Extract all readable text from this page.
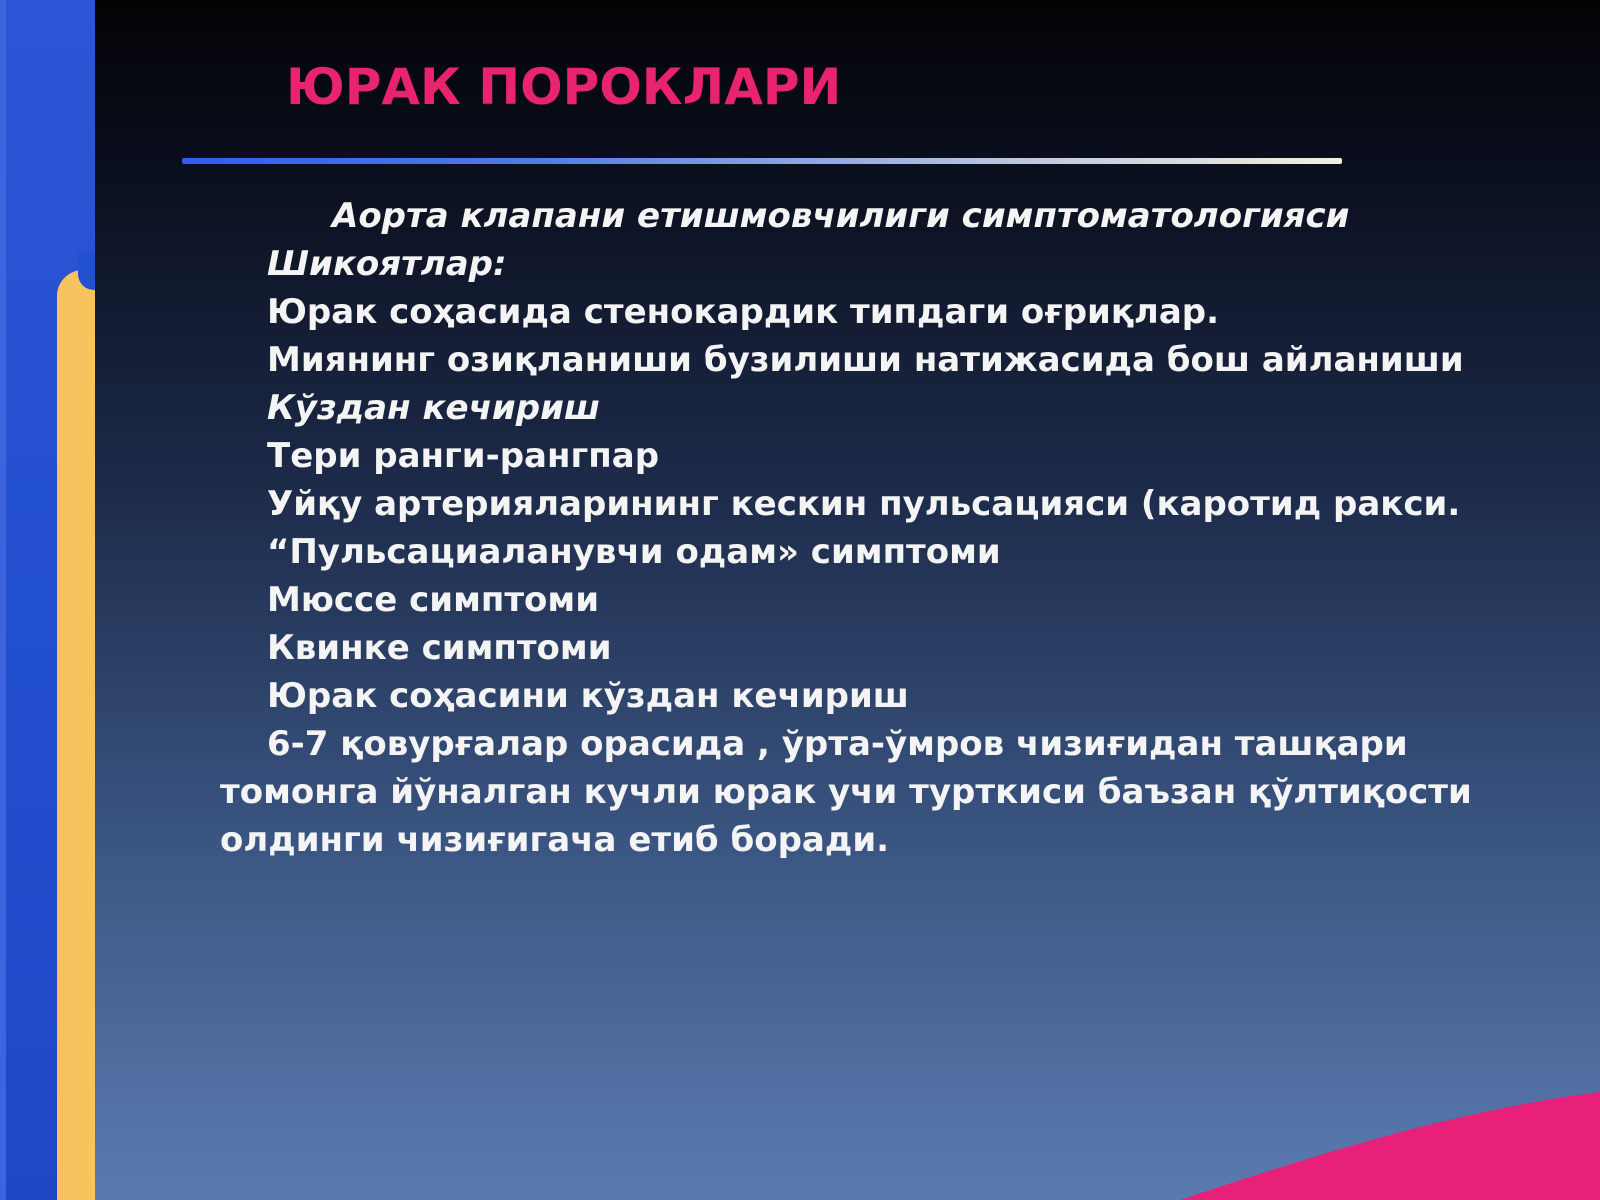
ЮРАК ПОРОКЛАРИ

Аорта клапани етишмовчилиги симптоматологияси

Шикоятлар:

Юрак соҳасида стенокардик типдаги оғриқлар.

Миянинг озиқланиши бузилиши натижасида бош айланиши

Кўздан кечириш

Тери ранги-рангпар

Уйқу артерияларининг кескин пульсацияси (каротид ракси.

“Пульсациаланувчи одам» симптоми

Мюссе симптоми

Квинке симптоми

Юрак соҳасини кўздан кечириш

6-7 қовурғалар орасида , ўрта-ўмров чизиғидан ташқари томонга йўналган кучли юрак учи турткиси баъзан қўлтиқости олдинги чизиғигача етиб боради.
